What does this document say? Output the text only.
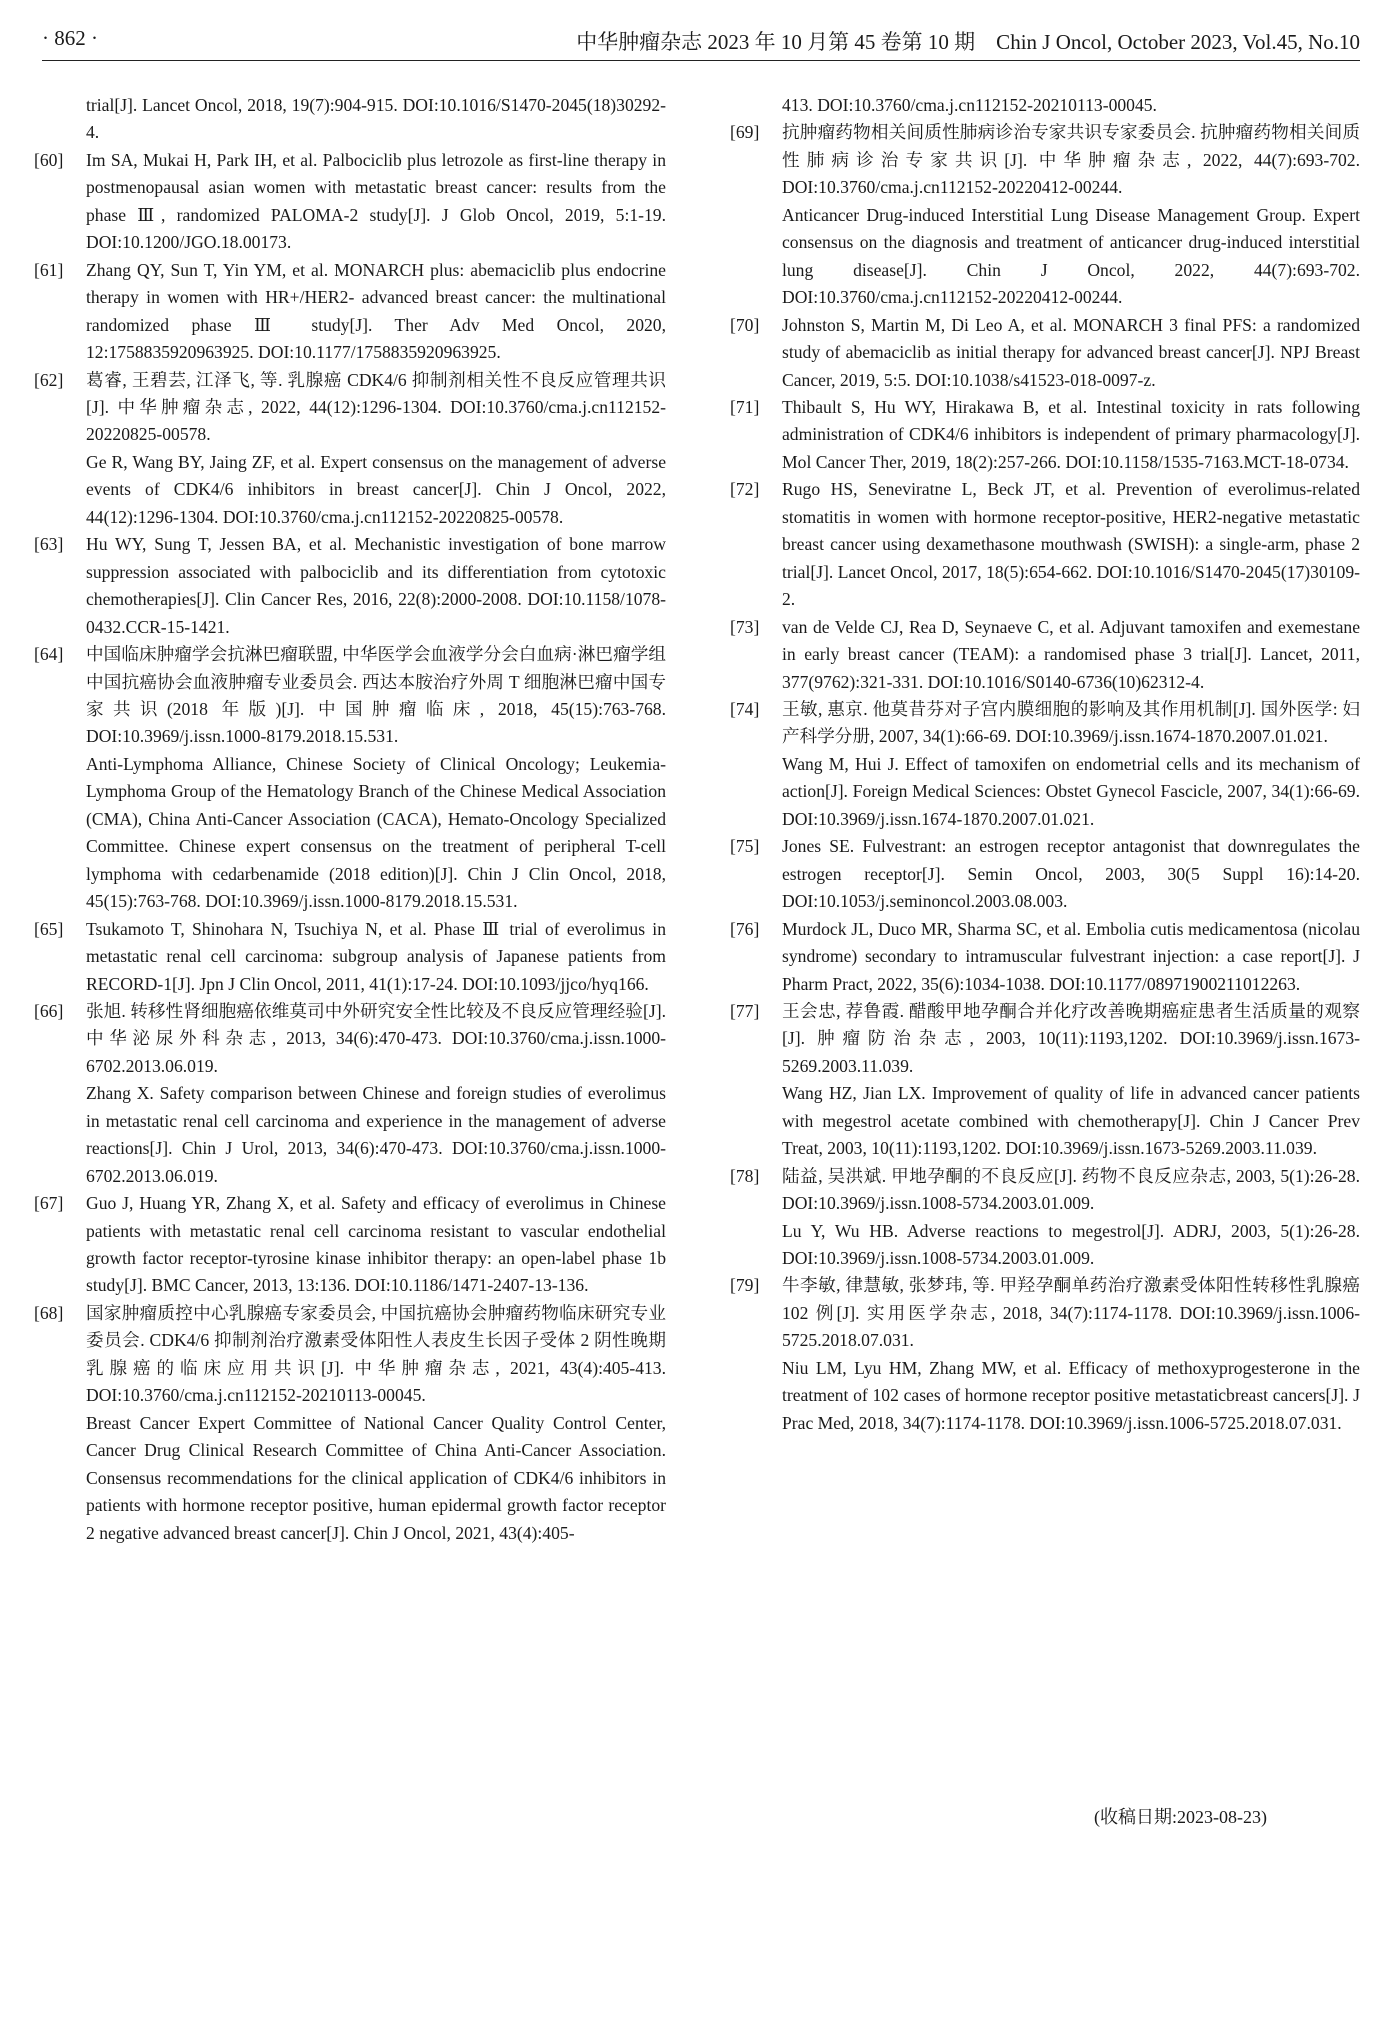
· 862 ·	中华肿瘤杂志 2023 年 10 月第 45 卷第 10 期　Chin J Oncol, October 2023, Vol.45, No.10

trial[J]. Lancet Oncol, 2018, 19(7):904-915. DOI:10.1016/S1470-2045(18)30292-4.

[60] Im SA, Mukai H, Park IH, et al. Palbociclib plus letrozole as first-line therapy in postmenopausal asian women with metastatic breast cancer: results from the phase Ⅲ, randomized PALOMA-2 study[J]. J Glob Oncol, 2019, 5:1-19. DOI:10.1200/JGO.18.00173.

[61] Zhang QY, Sun T, Yin YM, et al. MONARCH plus: abemaciclib plus endocrine therapy in women with HR+/HER2- advanced breast cancer: the multinational randomized phase Ⅲ study[J]. Ther Adv Med Oncol, 2020, 12:1758835920963925. DOI:10.1177/1758835920963925.

[62] 葛睿, 王碧芸, 江泽飞, 等. 乳腺癌 CDK4/6 抑制剂相关性不良反应管理共识[J]. 中华肿瘤杂志, 2022, 44(12):1296-1304. DOI:10.3760/cma.j.cn112152-20220825-00578.
Ge R, Wang BY, Jaing ZF, et al. Expert consensus on the management of adverse events of CDK4/6 inhibitors in breast cancer[J]. Chin J Oncol, 2022, 44(12):1296-1304. DOI:10.3760/cma.j.cn112152-20220825-00578.

[63] Hu WY, Sung T, Jessen BA, et al. Mechanistic investigation of bone marrow suppression associated with palbociclib and its differentiation from cytotoxic chemotherapies[J]. Clin Cancer Res, 2016, 22(8):2000-2008. DOI:10.1158/1078-0432.CCR-15-1421.

[64] 中国临床肿瘤学会抗淋巴瘤联盟, 中华医学会血液学分会白血病·淋巴瘤学组中国抗癌协会血液肿瘤专业委员会. 西达本胺治疗外周 T 细胞淋巴瘤中国专家共识(2018 年版)[J]. 中国肿瘤临床, 2018, 45(15):763-768. DOI:10.3969/j.issn.1000-8179.2018.15.531.
Anti-Lymphoma Alliance, Chinese Society of Clinical Oncology; Leukemia-Lymphoma Group of the Hematology Branch of the Chinese Medical Association (CMA), China Anti-Cancer Association (CACA), Hemato-Oncology Specialized Committee. Chinese expert consensus on the treatment of peripheral T-cell lymphoma with cedarbenamide (2018 edition)[J]. Chin J Clin Oncol, 2018, 45(15):763-768. DOI:10.3969/j.issn.1000-8179.2018.15.531.

[65] Tsukamoto T, Shinohara N, Tsuchiya N, et al. Phase Ⅲ trial of everolimus in metastatic renal cell carcinoma: subgroup analysis of Japanese patients from RECORD-1[J]. Jpn J Clin Oncol, 2011, 41(1):17-24. DOI:10.1093/jjco/hyq166.

[66] 张旭. 转移性肾细胞癌依维莫司中外研究安全性比较及不良反应管理经验[J]. 中华泌尿外科杂志, 2013, 34(6):470-473. DOI:10.3760/cma.j.issn.1000-6702.2013.06.019.
Zhang X. Safety comparison between Chinese and foreign studies of everolimus in metastatic renal cell carcinoma and experience in the management of adverse reactions[J]. Chin J Urol, 2013, 34(6):470-473. DOI:10.3760/cma.j.issn.1000-6702.2013.06.019.

[67] Guo J, Huang YR, Zhang X, et al. Safety and efficacy of everolimus in Chinese patients with metastatic renal cell carcinoma resistant to vascular endothelial growth factor receptor-tyrosine kinase inhibitor therapy: an open-label phase 1b study[J]. BMC Cancer, 2013, 13:136. DOI:10.1186/1471-2407-13-136.

[68] 国家肿瘤质控中心乳腺癌专家委员会, 中国抗癌协会肿瘤药物临床研究专业委员会. CDK4/6 抑制剂治疗激素受体阳性人表皮生长因子受体 2 阴性晚期乳腺癌的临床应用共识[J]. 中华肿瘤杂志, 2021, 43(4):405-413. DOI:10.3760/cma.j.cn112152-20210113-00045.
Breast Cancer Expert Committee of National Cancer Quality Control Center, Cancer Drug Clinical Research Committee of China Anti-Cancer Association. Consensus recommendations for the clinical application of CDK4/6 inhibitors in patients with hormone receptor positive, human epidermal growth factor receptor 2 negative advanced breast cancer[J]. Chin J Oncol, 2021, 43(4):405-

413. DOI:10.3760/cma.j.cn112152-20210113-00045.

[69] 抗肿瘤药物相关间质性肺病诊治专家共识专家委员会. 抗肿瘤药物相关间质性肺病诊治专家共识[J]. 中华肿瘤杂志, 2022, 44(7):693-702. DOI:10.3760/cma.j.cn112152-20220412-00244.
Anticancer Drug-induced Interstitial Lung Disease Management Group. Expert consensus on the diagnosis and treatment of anticancer drug-induced interstitial lung disease[J]. Chin J Oncol, 2022, 44(7):693-702. DOI:10.3760/cma.j.cn112152-20220412-00244.

[70] Johnston S, Martin M, Di Leo A, et al. MONARCH 3 final PFS: a randomized study of abemaciclib as initial therapy for advanced breast cancer[J]. NPJ Breast Cancer, 2019, 5:5. DOI:10.1038/s41523-018-0097-z.

[71] Thibault S, Hu WY, Hirakawa B, et al. Intestinal toxicity in rats following administration of CDK4/6 inhibitors is independent of primary pharmacology[J]. Mol Cancer Ther, 2019, 18(2):257-266. DOI:10.1158/1535-7163.MCT-18-0734.

[72] Rugo HS, Seneviratne L, Beck JT, et al. Prevention of everolimus-related stomatitis in women with hormone receptor-positive, HER2-negative metastatic breast cancer using dexamethasone mouthwash (SWISH): a single-arm, phase 2 trial[J]. Lancet Oncol, 2017, 18(5):654-662. DOI:10.1016/S1470-2045(17)30109-2.

[73] van de Velde CJ, Rea D, Seynaeve C, et al. Adjuvant tamoxifen and exemestane in early breast cancer (TEAM): a randomised phase 3 trial[J]. Lancet, 2011, 377(9762):321-331. DOI:10.1016/S0140-6736(10)62312-4.

[74] 王敏, 惠京. 他莫昔芬对子宫内膜细胞的影响及其作用机制[J]. 国外医学: 妇产科学分册, 2007, 34(1):66-69. DOI:10.3969/j.issn.1674-1870.2007.01.021.
Wang M, Hui J. Effect of tamoxifen on endometrial cells and its mechanism of action[J]. Foreign Medical Sciences: Obstet Gynecol Fascicle, 2007, 34(1):66-69. DOI:10.3969/j.issn.1674-1870.2007.01.021.

[75] Jones SE. Fulvestrant: an estrogen receptor antagonist that downregulates the estrogen receptor[J]. Semin Oncol, 2003, 30(5 Suppl 16):14-20. DOI:10.1053/j.seminoncol.2003.08.003.

[76] Murdock JL, Duco MR, Sharma SC, et al. Embolia cutis medicamentosa (nicolau syndrome) secondary to intramuscular fulvestrant injection: a case report[J]. J Pharm Pract, 2022, 35(6):1034-1038. DOI:10.1177/08971900211012263.

[77] 王会忠, 荐鲁霞. 醋酸甲地孕酮合并化疗改善晚期癌症患者生活质量的观察[J]. 肿瘤防治杂志, 2003, 10(11):1193,1202. DOI:10.3969/j.issn.1673-5269.2003.11.039.
Wang HZ, Jian LX. Improvement of quality of life in advanced cancer patients with megestrol acetate combined with chemotherapy[J]. Chin J Cancer Prev Treat, 2003, 10(11):1193,1202. DOI:10.3969/j.issn.1673-5269.2003.11.039.

[78] 陆益, 吴洪斌. 甲地孕酮的不良反应[J]. 药物不良反应杂志, 2003, 5(1):26-28. DOI:10.3969/j.issn.1008-5734.2003.01.009.
Lu Y, Wu HB. Adverse reactions to megestrol[J]. ADRJ, 2003, 5(1):26-28. DOI:10.3969/j.issn.1008-5734.2003.01.009.

[79] 牛李敏, 律慧敏, 张梦玮, 等. 甲羟孕酮单药治疗激素受体阳性转移性乳腺癌 102 例[J]. 实用医学杂志, 2018, 34(7):1174-1178. DOI:10.3969/j.issn.1006-5725.2018.07.031.
Niu LM, Lyu HM, Zhang MW, et al. Efficacy of methoxyprogesterone in the treatment of 102 cases of hormone receptor positive metastaticbreast cancers[J]. J Prac Med, 2018, 34(7):1174-1178. DOI:10.3969/j.issn.1006-5725.2018.07.031.

(收稿日期:2023-08-23)
